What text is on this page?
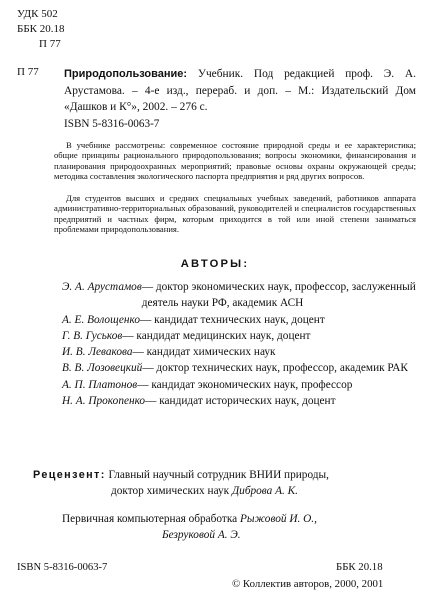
УДК 502
ББК 20.18
П 77
П 77 Природопользование: Учебник. Под редакцией проф. Э. А. Арустамова. – 4-е изд., перераб. и доп. – М.: Издательский Дом «Дашков и К°», 2002. – 276 с.
ISBN 5-8316-0063-7

В учебнике рассмотрены: современное состояние природной среды и ее характеристика; общие принципы рационального природопользования; вопросы экономики, финансирования и планирования природоохранных мероприятий; правовые основы охраны окружающей среды; методика составления экологического паспорта предприятия и ряд других вопросов.

Для студентов высших и средних специальных учебных заведений, работников аппарата административно-территориальных образований, руководителей и специалистов государственных предприятий и частных фирм, которым приходится в той или иной степени заниматься проблемами природопользования.

АВТОРЫ:
Э. А. Арустамов — доктор экономических наук, профессор, заслуженный деятель науки РФ, академик АСН
А. Е. Волощенко — кандидат технических наук, доцент
Г. В. Гуськов — кандидат медицинских наук, доцент
И. В. Левакова — кандидат химических наук
В. В. Лозовецкий — доктор технических наук, профессор, академик РАК
А. П. Платонов — кандидат экономических наук, профессор
Н. А. Прокопенко — кандидат исторических наук, доцент
Рецензент: Главный научный сотрудник ВНИИ природы,
доктор химических наук Диброва А. К.
Первичная компьютерная обработка Рыжовой И. О.,
Безруковой А. Э.
ISBN 5-8316-0063-7	ББК 20.18
© Коллектив авторов, 2000, 2001
